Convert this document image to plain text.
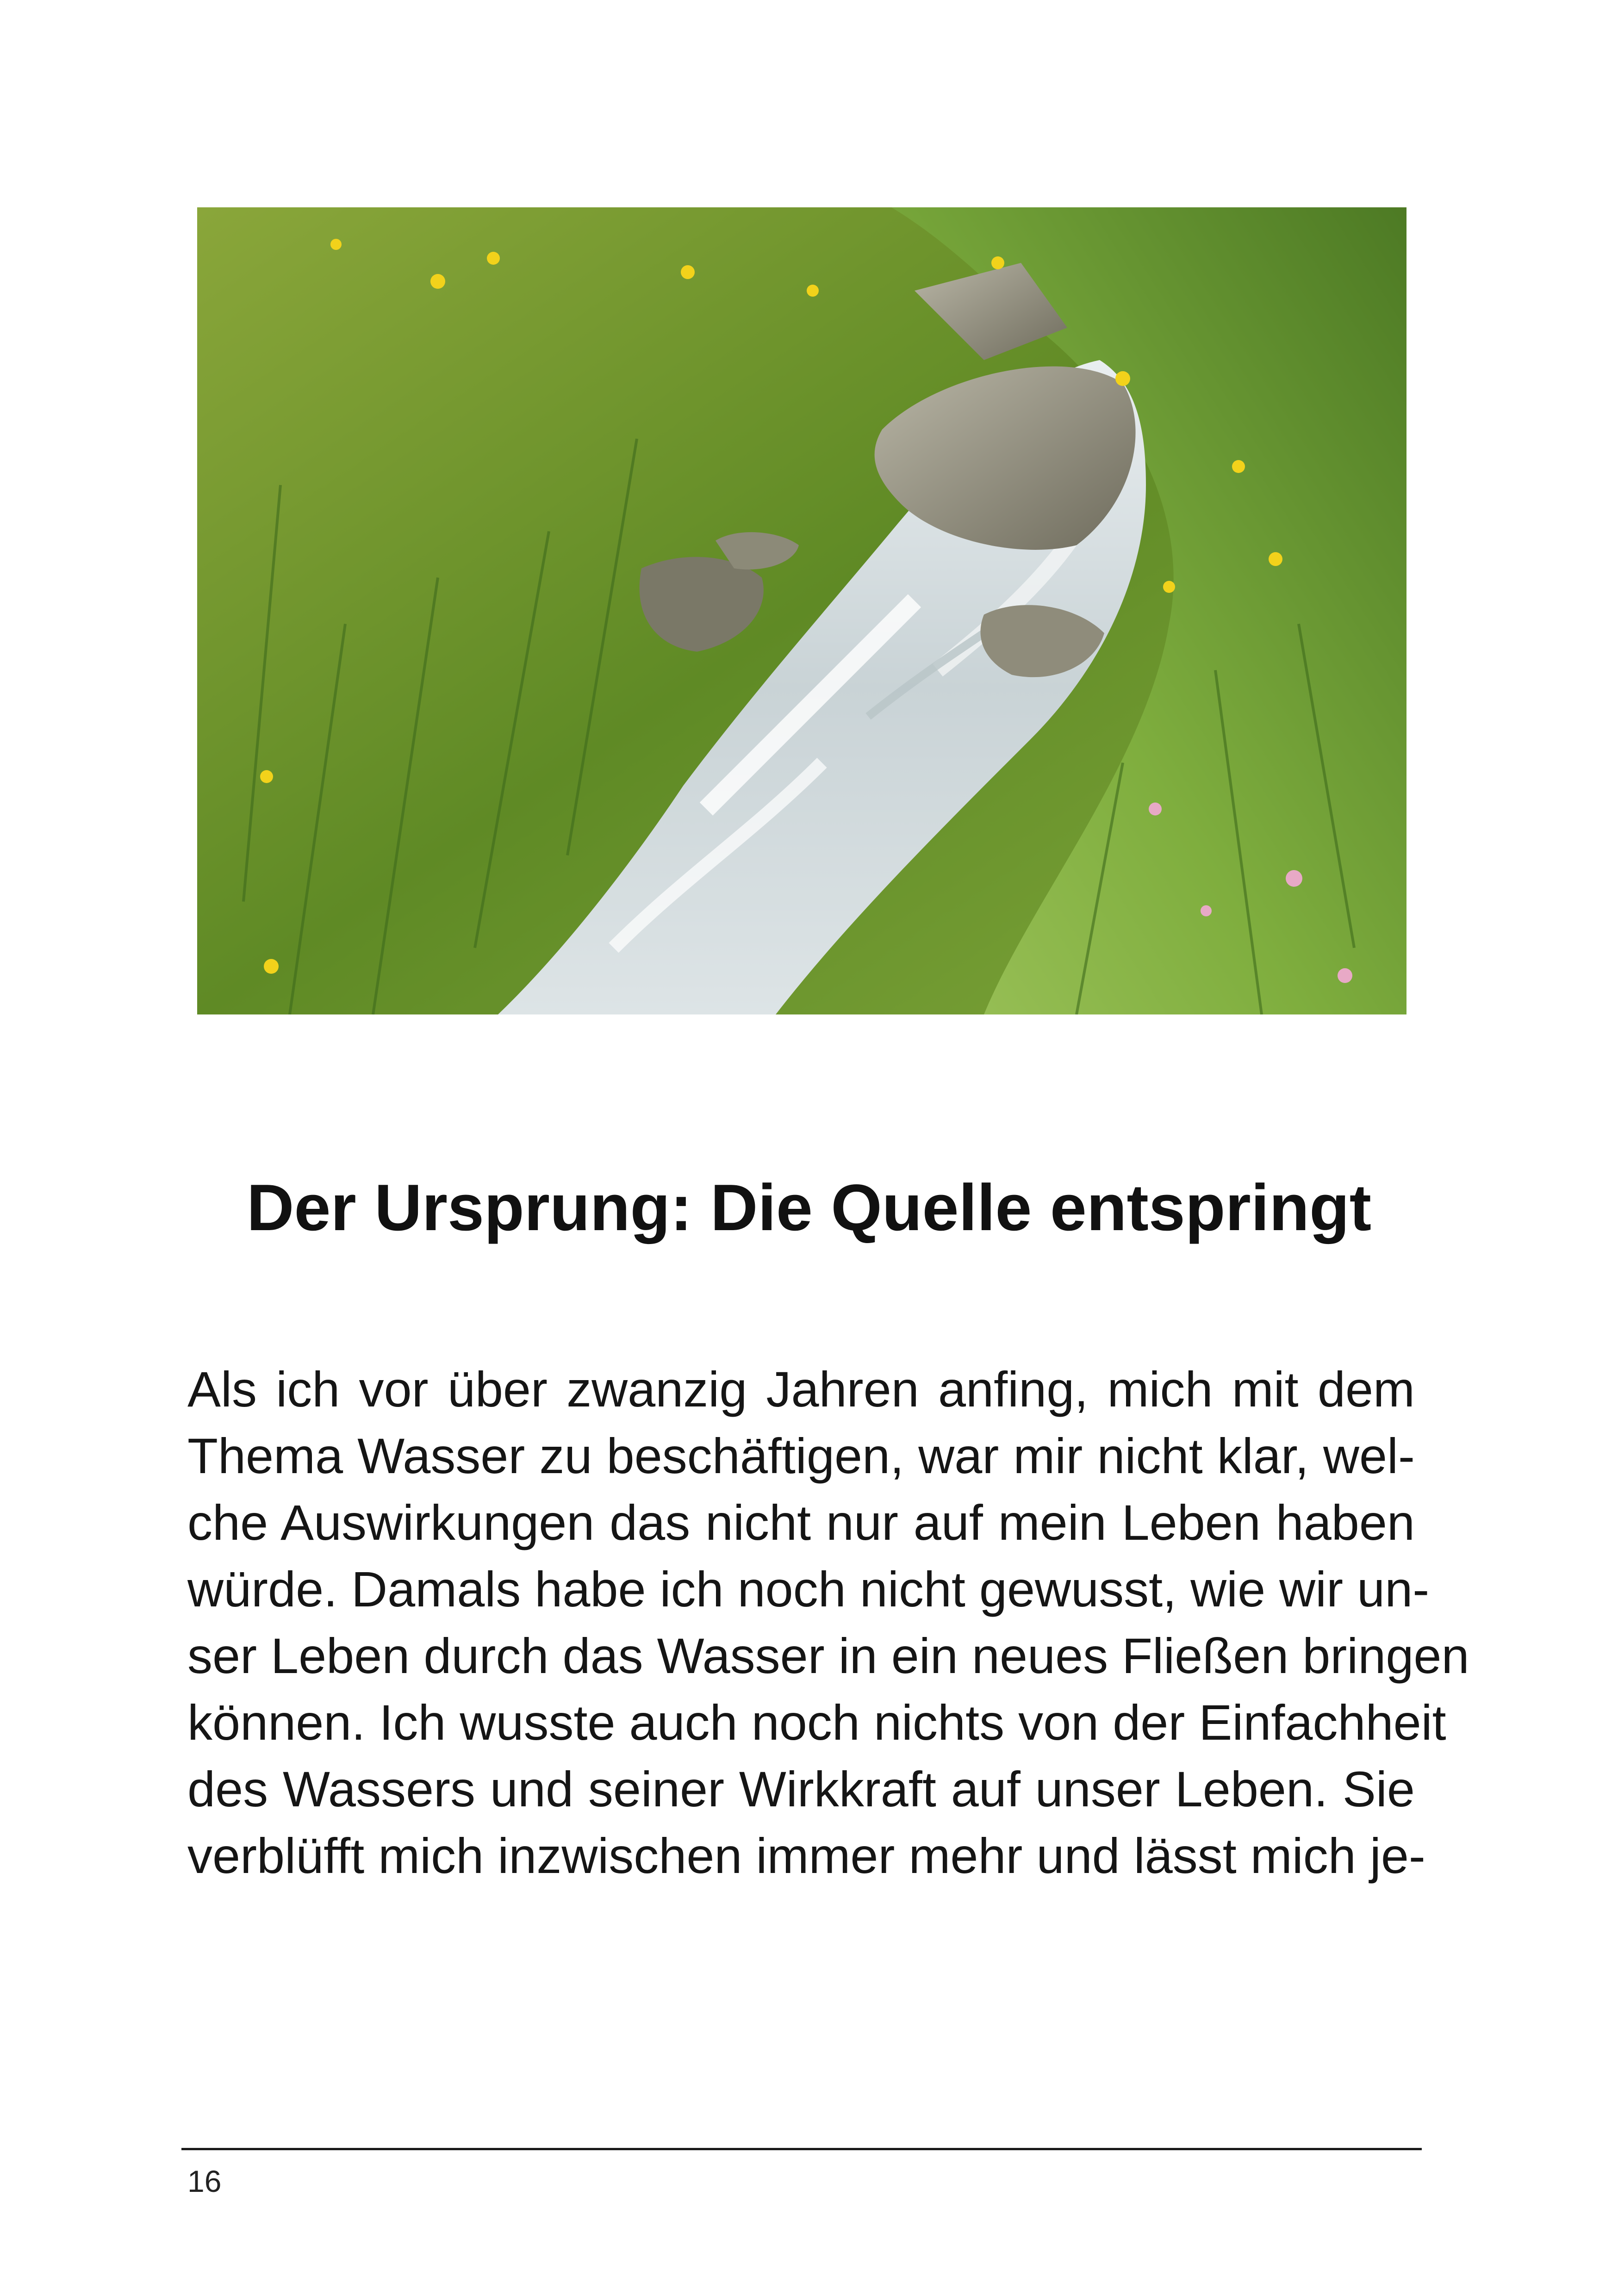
Der Ursprung: Die Quelle entspringt
Als ich vor über zwanzig Jahren anfing, mich mit dem
Thema Wasser zu beschäftigen, war mir nicht klar, wel-
che Auswirkungen das nicht nur auf mein Leben haben
würde. Damals habe ich noch nicht gewusst, wie wir un-
ser Leben durch das Wasser in ein neues Fließen bringen
können. Ich wusste auch noch nichts von der Einfachheit
des Wassers und seiner Wirkkraft auf unser Leben. Sie
verblüfft mich inzwischen immer mehr und lässt mich je-
16
